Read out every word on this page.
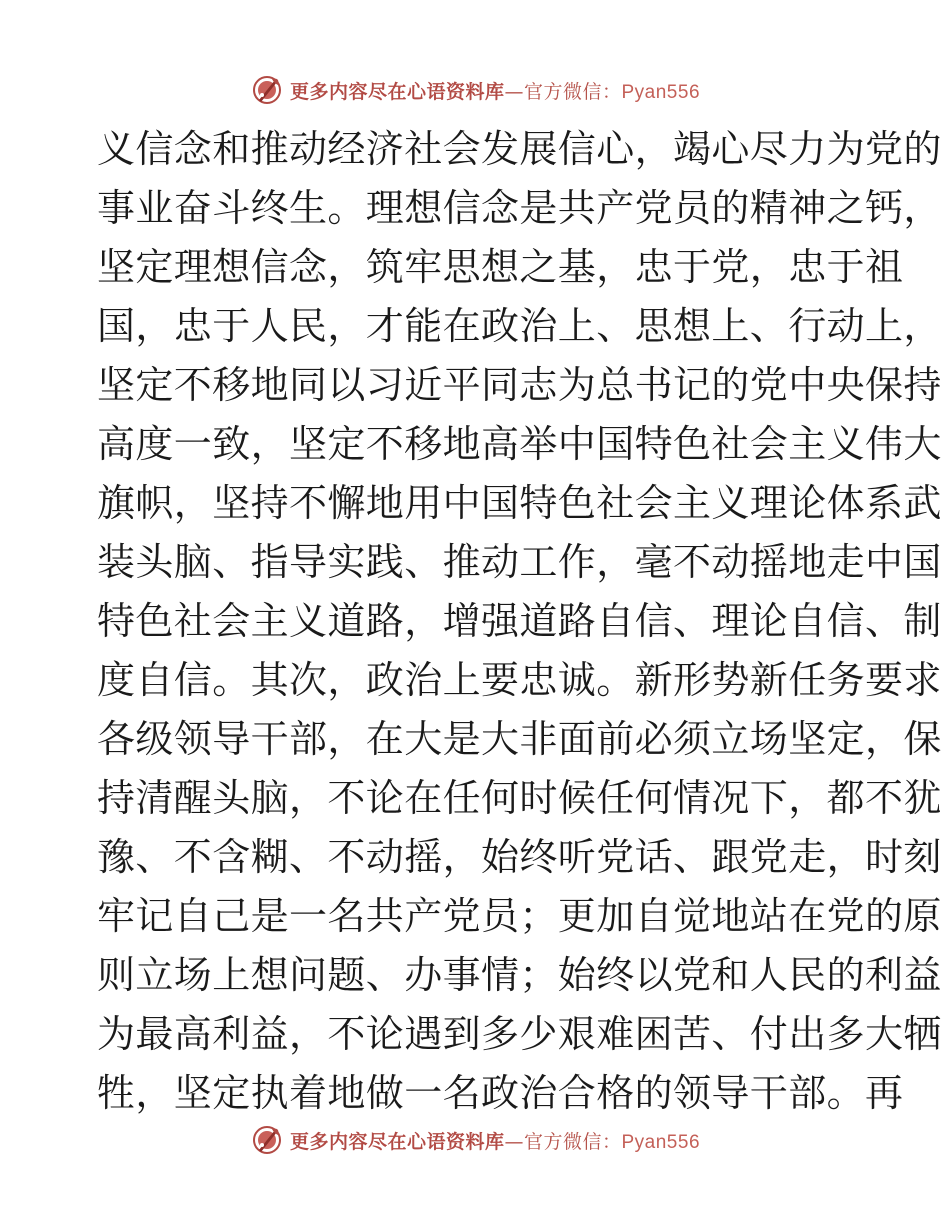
更多内容尽在心语资料库—官方微信：Pyan556
义信念和推动经济社会发展信心，竭心尽力为党的
事业奋斗终生。理想信念是共产党员的精神之钙，
坚定理想信念，筑牢思想之基，忠于党，忠于祖
国，忠于人民，才能在政治上、思想上、行动上，
坚定不移地同以习近平同志为总书记的党中央保持
高度一致，坚定不移地高举中国特色社会主义伟大
旗帜，坚持不懈地用中国特色社会主义理论体系武
装头脑、指导实践、推动工作，毫不动摇地走中国
特色社会主义道路，增强道路自信、理论自信、制
度自信。其次，政治上要忠诚。新形势新任务要求
各级领导干部，在大是大非面前必须立场坚定，保
持清醒头脑，不论在任何时候任何情况下，都不犹
豫、不含糊、不动摇，始终听党话、跟党走，时刻
牢记自己是一名共产党员；更加自觉地站在党的原
则立场上想问题、办事情；始终以党和人民的利益
为最高利益，不论遇到多少艰难困苦、付出多大牺
牲，坚定执着地做一名政治合格的领导干部。再
更多内容尽在心语资料库—官方微信：Pyan556
